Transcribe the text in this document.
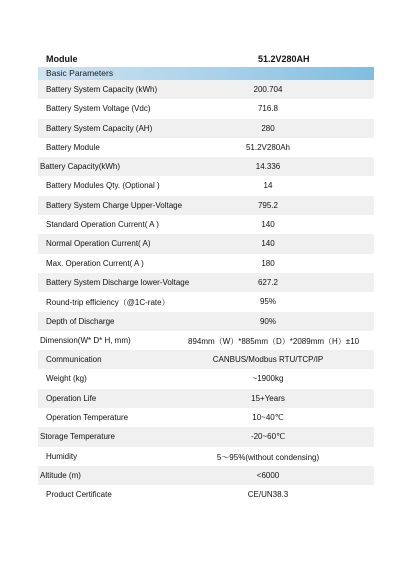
Module	51.2V280AH
Basic Parameters
Battery System Capacity (kWh)	200.704
Battery System Voltage (Vdc)	716.8
Battery System Capacity (AH)	280
Battery Module	51.2V280Ah
Battery Capacity(kWh)	14.336
Battery Modules Qty. (Optional )	14
Battery System Charge Upper-Voltage	795.2
Standard Operation Current( A )	140
Normal Operation Current( A)	140
Max. Operation Current( A )	180
Battery System Discharge lower-Voltage	627.2
Round-trip efficiency（@1C-rate）	95%
Depth of Discharge	90%
Dimension(W* D* H, mm)	894mm（W）*885mm（D）*2089mm（H）±10
Communication	CANBUS/Modbus RTU/TCP/IP
Weight (kg)	~1900kg
Operation Life	15+Years
Operation Temperature	10~40℃
Storage Temperature	-20~60℃
Humidity	5～95%(without condensing)
Altitude (m)	<6000
Product Certificate	CE/UN38.3
